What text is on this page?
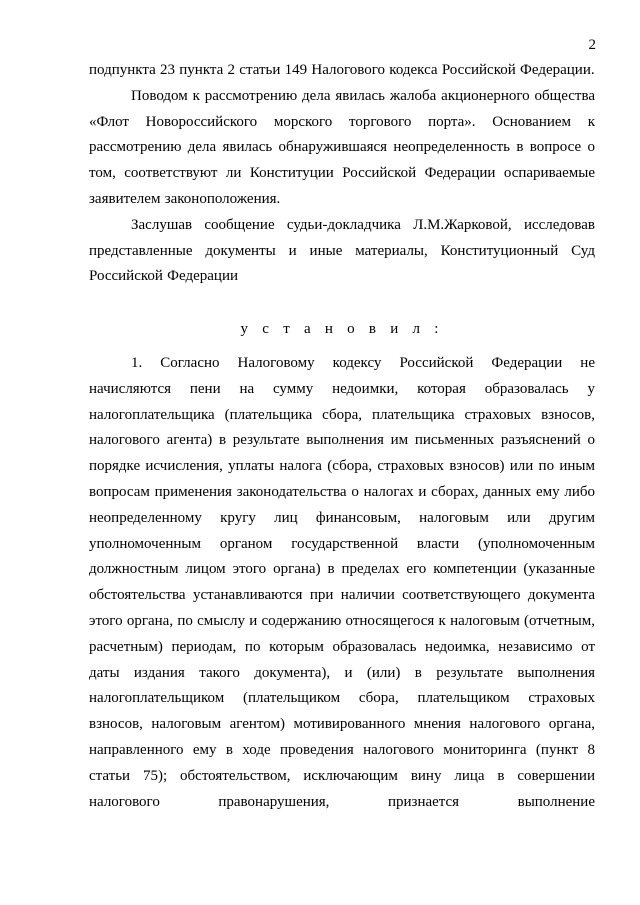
2

подпункта 23 пункта 2 статьи 149 Налогового кодекса Российской Федерации.

Поводом к рассмотрению дела явилась жалоба акционерного общества «Флот Новороссийского морского торгового порта». Основанием к рассмотрению дела явилась обнаружившаяся неопределенность в вопросе о том, соответствуют ли Конституции Российской Федерации оспариваемые заявителем законоположения.

Заслушав сообщение судьи-докладчика Л.М.Жарковой, исследовав представленные документы и иные материалы, Конституционный Суд Российской Федерации

у с т а н о в и л :

1. Согласно Налоговому кодексу Российской Федерации не начисляются пени на сумму недоимки, которая образовалась у налогоплательщика (плательщика сбора, плательщика страховых взносов, налогового агента) в результате выполнения им письменных разъяснений о порядке исчисления, уплаты налога (сбора, страховых взносов) или по иным вопросам применения законодательства о налогах и сборах, данных ему либо неопределенному кругу лиц финансовым, налоговым или другим уполномоченным органом государственной власти (уполномоченным должностным лицом этого органа) в пределах его компетенции (указанные обстоятельства устанавливаются при наличии соответствующего документа этого органа, по смыслу и содержанию относящегося к налоговым (отчетным, расчетным) периодам, по которым образовалась недоимка, независимо от даты издания такого документа), и (или) в результате выполнения налогоплательщиком (плательщиком сбора, плательщиком страховых взносов, налоговым агентом) мотивированного мнения налогового органа, направленного ему в ходе проведения налогового мониторинга (пункт 8 статьи 75); обстоятельством, исключающим вину лица в совершении налогового правонарушения, признается выполнение
